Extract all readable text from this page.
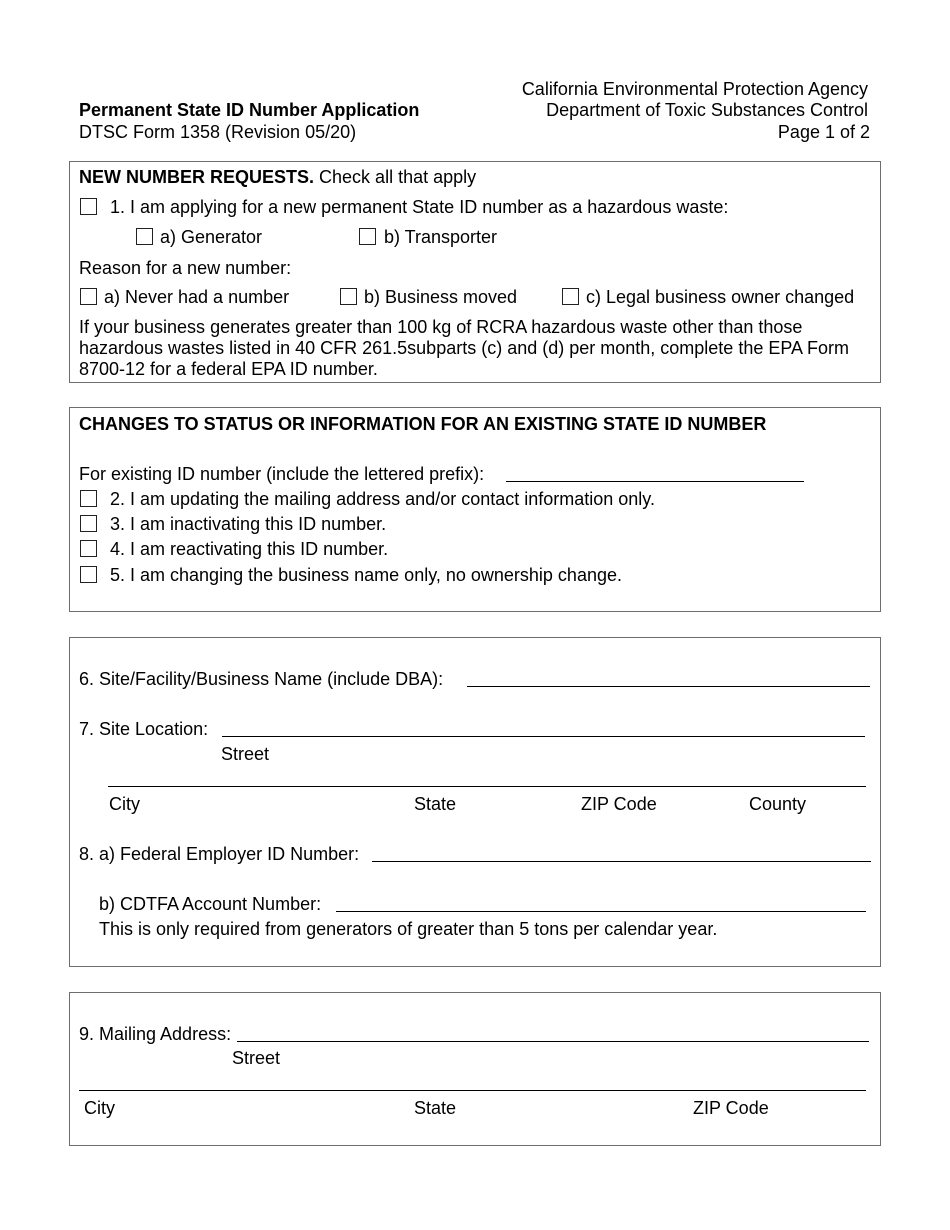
Permanent State ID Number Application
DTSC Form 1358 (Revision 05/20)
California Environmental Protection Agency
Department of Toxic Substances Control
Page 1 of 2
NEW NUMBER REQUESTS. Check all that apply
1. I am applying for a new permanent State ID number as a hazardous waste:
a) Generator	b) Transporter
Reason for a new number:
a) Never had a number	b) Business moved	c) Legal business owner changed
If your business generates greater than 100 kg of RCRA hazardous waste other than those hazardous wastes listed in 40 CFR 261.5subparts (c) and (d) per month, complete the EPA Form 8700-12 for a federal EPA ID number.
CHANGES TO STATUS OR INFORMATION FOR AN EXISTING STATE ID NUMBER
For existing ID number (include the lettered prefix):
2. I am updating the mailing address and/or contact information only.
3. I am inactivating this ID number.
4. I am reactivating this ID number.
5. I am changing the business name only, no ownership change.
6. Site/Facility/Business Name (include DBA):
7. Site Location:
Street
City	State	ZIP Code	County
8. a) Federal Employer ID Number:
b) CDTFA Account Number:
This is only required from generators of greater than 5 tons per calendar year.
9. Mailing Address:
Street
City	State	ZIP Code
